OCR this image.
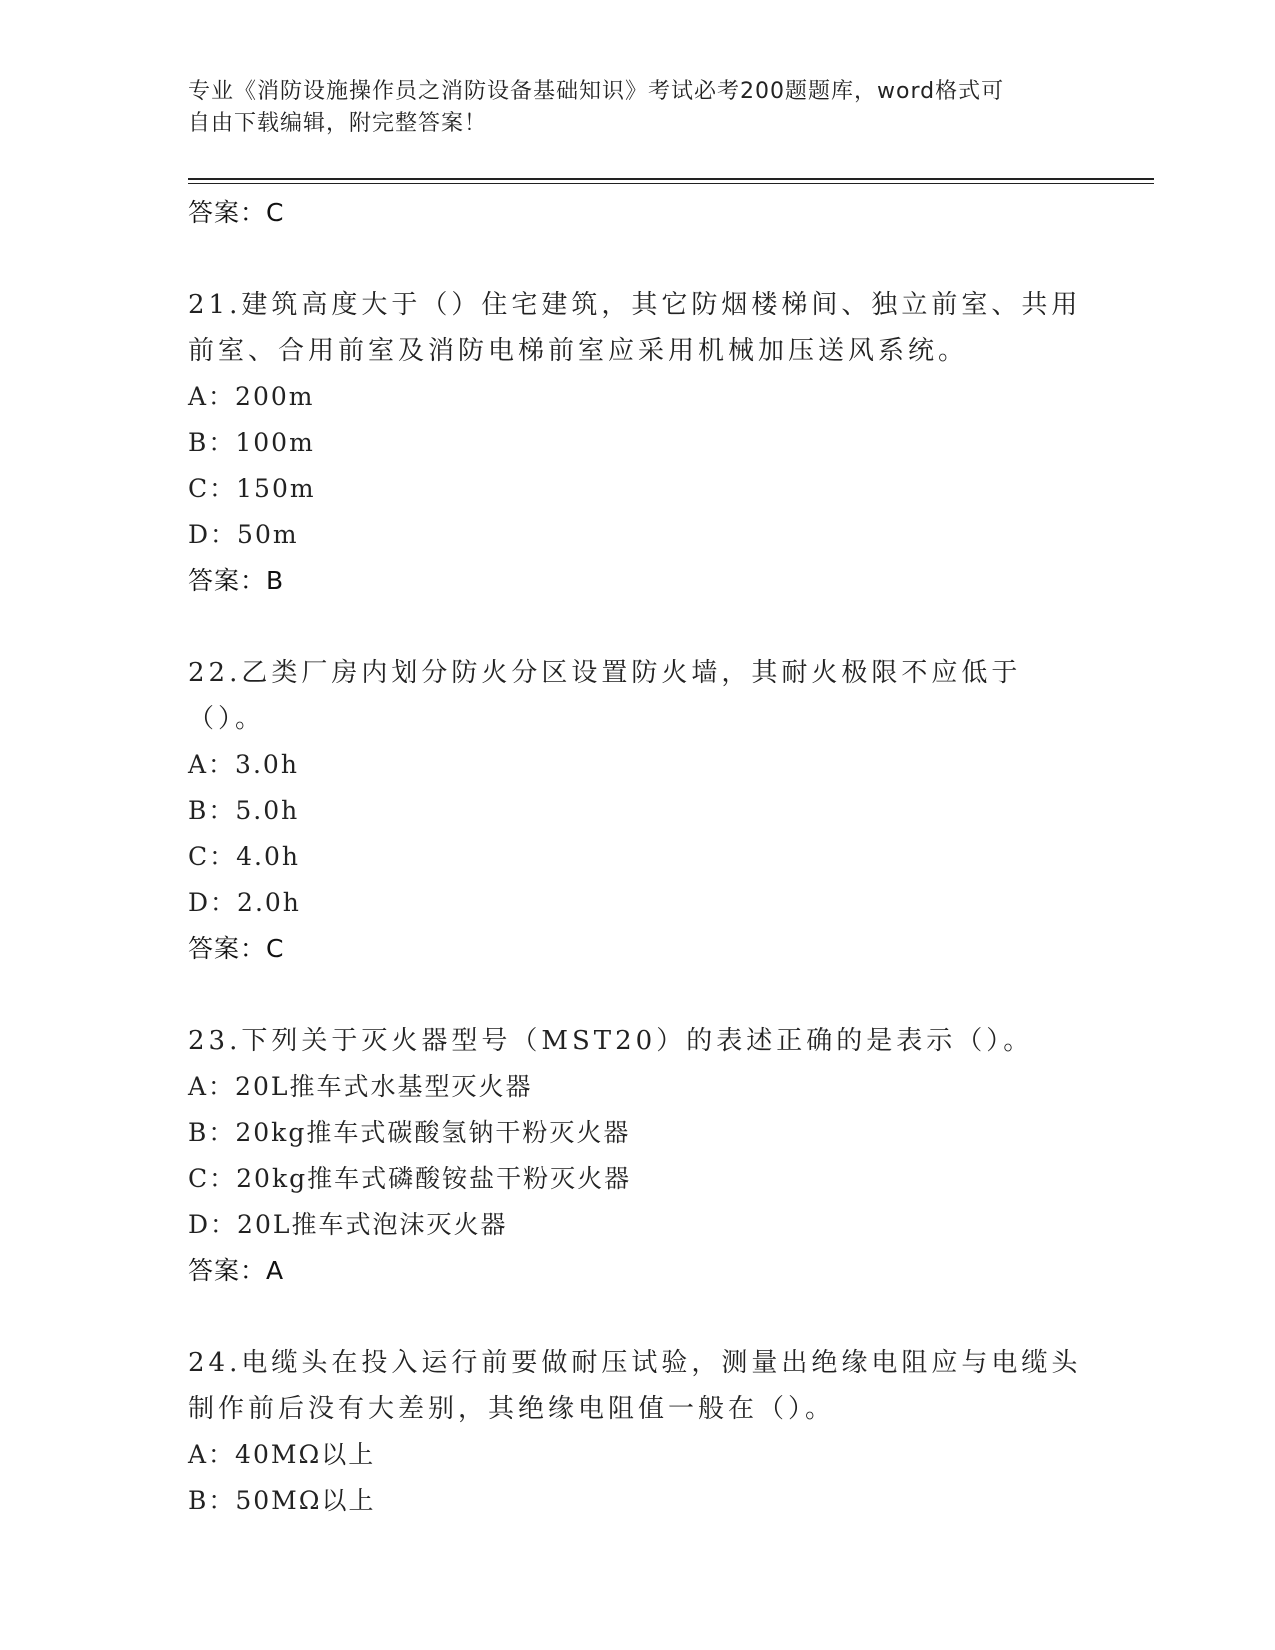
专业《消防设施操作员之消防设备基础知识》考试必考200题题库，word格式可
自由下载编辑，附完整答案！
答案：C
21.建筑高度大于（）住宅建筑，其它防烟楼梯间、独立前室、共用前室、合用前室及消防电梯前室应采用机械加压送风系统。
A：200m
B：100m
C：150m
D：50m
答案：B
22.乙类厂房内划分防火分区设置防火墙，其耐火极限不应低于（）。
A：3.0h
B：5.0h
C：4.0h
D：2.0h
答案：C
23.下列关于灭火器型号（MST20）的表述正确的是表示（）。
A：20L推车式水基型灭火器
B：20kg推车式碳酸氢钠干粉灭火器
C：20kg推车式磷酸铵盐干粉灭火器
D：20L推车式泡沫灭火器
答案：A
24.电缆头在投入运行前要做耐压试验，测量出绝缘电阻应与电缆头制作前后没有大差别，其绝缘电阻值一般在（）。
A：40MΩ以上
B：50MΩ以上
